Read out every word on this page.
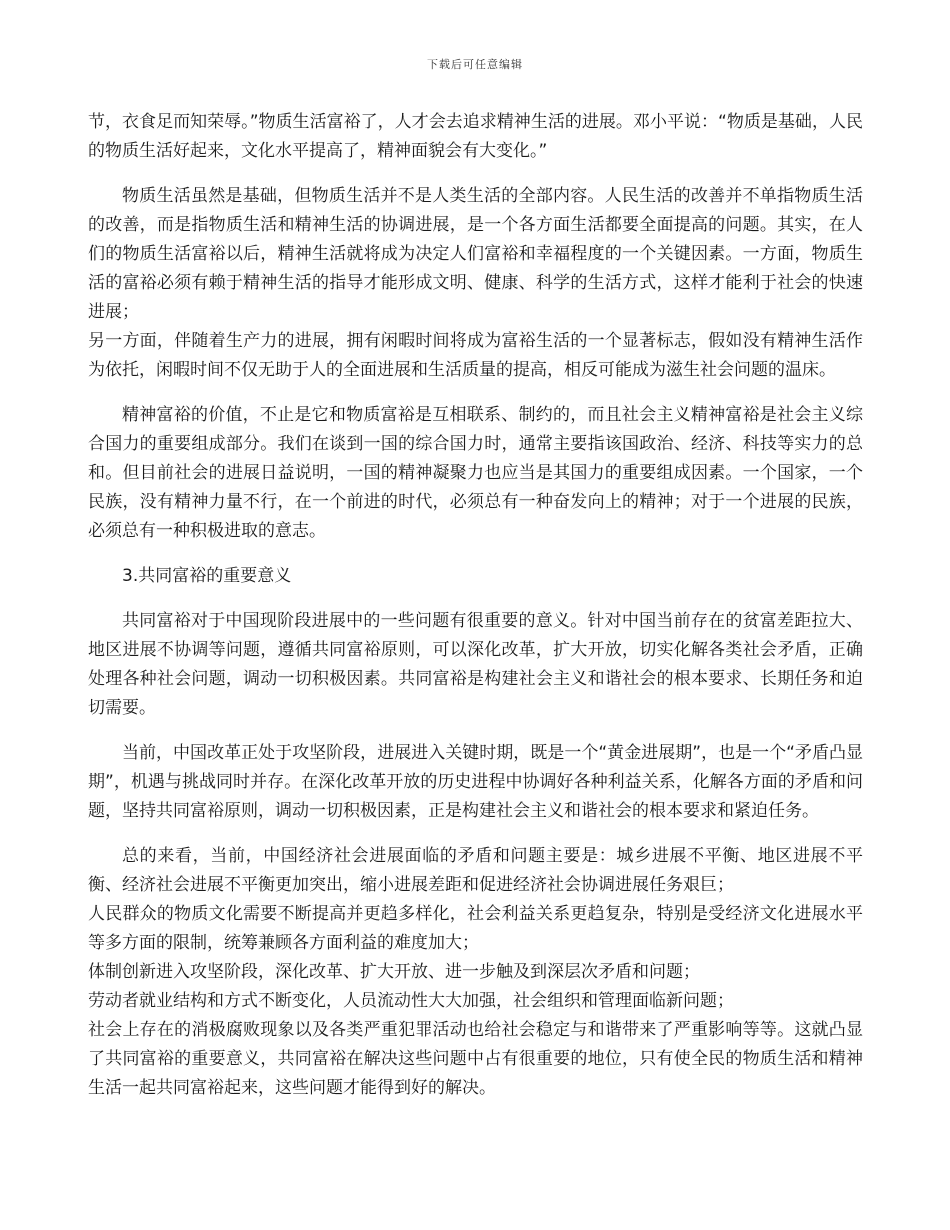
下载后可任意编辑

节，衣食足而知荣辱。”物质生活富裕了，人才会去追求精神生活的进展。邓小平说：“物质是基础，人民的物质生活好起来，文化水平提高了，精神面貌会有大变化。”

物质生活虽然是基础，但物质生活并不是人类生活的全部内容。人民生活的改善并不单指物质生活的改善，而是指物质生活和精神生活的协调进展，是一个各方面生活都要全面提高的问题。其实，在人们的物质生活富裕以后，精神生活就将成为决定人们富裕和幸福程度的一个关键因素。一方面，物质生活的富裕必须有赖于精神生活的指导才能形成文明、健康、科学的生活方式，这样才能利于社会的快速进展；

另一方面，伴随着生产力的进展，拥有闲暇时间将成为富裕生活的一个显著标志，假如没有精神生活作为依托，闲暇时间不仅无助于人的全面进展和生活质量的提高，相反可能成为滋生社会问题的温床。

精神富裕的价值，不止是它和物质富裕是互相联系、制约的，而且社会主义精神富裕是社会主义综合国力的重要组成部分。我们在谈到一国的综合国力时，通常主要指该国政治、经济、科技等实力的总和。但目前社会的进展日益说明，一国的精神凝聚力也应当是其国力的重要组成因素。一个国家，一个民族，没有精神力量不行，在一个前进的时代，必须总有一种奋发向上的精神；对于一个进展的民族，必须总有一种积极进取的意志。

3.共同富裕的重要意义

共同富裕对于中国现阶段进展中的一些问题有很重要的意义。针对中国当前存在的贫富差距拉大、地区进展不协调等问题，遵循共同富裕原则，可以深化改革，扩大开放，切实化解各类社会矛盾，正确处理各种社会问题，调动一切积极因素。共同富裕是构建社会主义和谐社会的根本要求、长期任务和迫切需要。

当前，中国改革正处于攻坚阶段，进展进入关键时期，既是一个“黄金进展期”，也是一个“矛盾凸显期”，机遇与挑战同时并存。在深化改革开放的历史进程中协调好各种利益关系，化解各方面的矛盾和问题，坚持共同富裕原则，调动一切积极因素，正是构建社会主义和谐社会的根本要求和紧迫任务。

总的来看，当前，中国经济社会进展面临的矛盾和问题主要是：城乡进展不平衡、地区进展不平衡、经济社会进展不平衡更加突出，缩小进展差距和促进经济社会协调进展任务艰巨；

人民群众的物质文化需要不断提高并更趋多样化，社会利益关系更趋复杂，特别是受经济文化进展水平等多方面的限制，统筹兼顾各方面利益的难度加大；

体制创新进入攻坚阶段，深化改革、扩大开放、进一步触及到深层次矛盾和问题；

劳动者就业结构和方式不断变化，人员流动性大大加强，社会组织和管理面临新问题；

社会上存在的消极腐败现象以及各类严重犯罪活动也给社会稳定与和谐带来了严重影响等等。这就凸显了共同富裕的重要意义，共同富裕在解决这些问题中占有很重要的地位，只有使全民的物质生活和精神生活一起共同富裕起来，这些问题才能得到好的解决。
